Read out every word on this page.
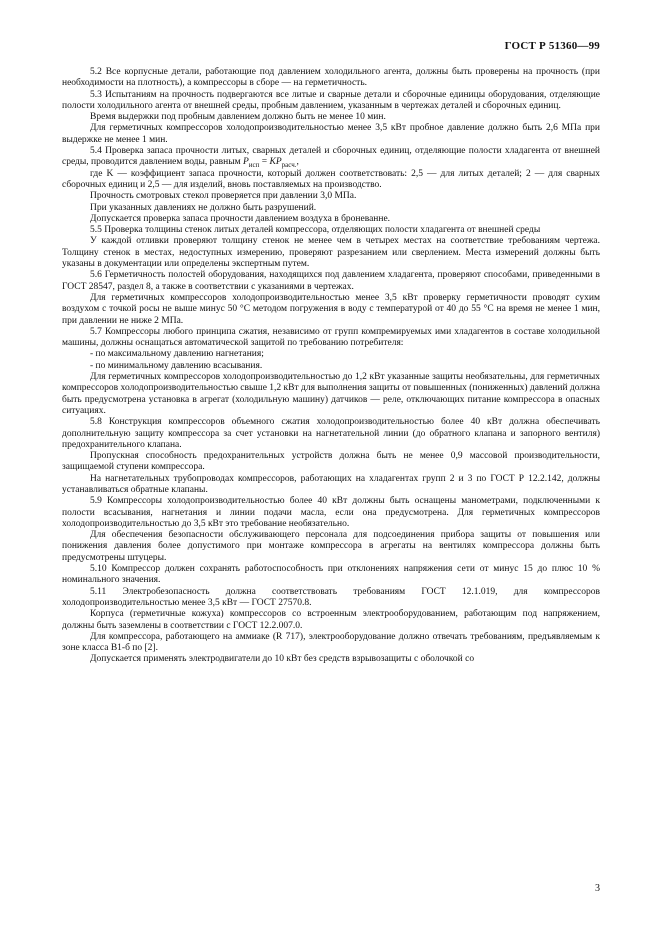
ГОСТ Р 51360—99

5.2 Все корпусные детали, работающие под давлением холодильного агента, должны быть проверены на прочность (при необходимости на плотность), а компрессоры в сборе — на герметичность.

5.3 Испытаниям на прочность подвергаются все литые и сварные детали и сборочные единицы оборудования, отделяющие полости холодильного агента от внешней среды, пробным давлением, указанным в чертежах деталей и сборочных единиц.

Время выдержки под пробным давлением должно быть не менее 10 мин.

Для герметичных компрессоров холодопроизводительностью менее 3,5 кВт пробное давление должно быть 2,6 МПа при выдержке не менее 1 мин.

5.4 Проверка запаса прочности литых, сварных деталей и сборочных единиц, отделяющие полости хладагента от внешней среды, проводится давлением воды, равным $P_{исп} = KP_{расч.}$,

где K — коэффициент запаса прочности, который должен соответствовать: 2,5 — для литых деталей; 2 — для сварных сборочных единиц и 2,5 — для изделий, вновь поставляемых на производство.

Прочность смотровых стекол проверяется при давлении 3,0 МПа.

При указанных давлениях не должно быть разрушений.

Допускается проверка запаса прочности давлением воздуха в броневанне.

5.5 Проверка толщины стенок литых деталей компрессора, отделяющих полости хладагента от внешней среды

У каждой отливки проверяют толщину стенок не менее чем в четырех местах на соответствие требованиям чертежа. Толщину стенок в местах, недоступных измерению, проверяют разрезанием или сверлением. Места измерений должны быть указаны в документации или определены экспертным путем.

5.6 Герметичность полостей оборудования, находящихся под давлением хладагента, проверяют способами, приведенными в ГОСТ 28547, раздел 8, а также в соответствии с указаниями в чертежах.

Для герметичных компрессоров холодопроизводительностью менее 3,5 кВт проверку герметичности проводят сухим воздухом с точкой росы не выше минус 50 °С методом погружения в воду с температурой от 40 до 55 °С на время не менее 1 мин, при давлении не ниже 2 МПа.

5.7 Компрессоры любого принципа сжатия, независимо от групп компремируемых ими хладагентов в составе холодильной машины, должны оснащаться автоматической защитой по требованию потребителя:

- по максимальному давлению нагнетания;

- по минимальному давлению всасывания.

Для герметичных компрессоров холодопроизводительностью до 1,2 кВт указанные защиты необязательны, для герметичных компрессоров холодопроизводительностью свыше 1,2 кВт для выполнения защиты от повышенных (пониженных) давлений должна быть предусмотрена установка в агрегат (холодильную машину) датчиков — реле, отключающих питание компрессора в опасных ситуациях.

5.8 Конструкция компрессоров объемного сжатия холодопроизводительностью более 40 кВт должна обеспечивать дополнительную защиту компрессора за счет установки на нагнетательной линии (до обратного клапана и запорного вентиля) предохранительного клапана.

Пропускная способность предохранительных устройств должна быть не менее 0,9 массовой производительности, защищаемой ступени компрессора.

На нагнетательных трубопроводах компрессоров, работающих на хладагентах групп 2 и 3 по ГОСТ Р 12.2.142, должны устанавливаться обратные клапаны.

5.9 Компрессоры холодопроизводительностью более 40 кВт должны быть оснащены манометрами, подключенными к полости всасывания, нагнетания и линии подачи масла, если она предусмотрена. Для герметичных компрессоров холодопроизводительностью до 3,5 кВт это требование необязательно.

Для обеспечения безопасности обслуживающего персонала для подсоединения прибора защиты от повышения или понижения давления более допустимого при монтаже компрессора в агрегаты на вентилях компрессора должны быть предусмотрены штуцеры.

5.10 Компрессор должен сохранять работоспособность при отклонениях напряжения сети от минус 15 до плюс 10 % номинального значения.

5.11 Электробезопасность должна соответствовать требованиям ГОСТ 12.1.019, для компрессоров холодопроизводительностью менее 3,5 кВт — ГОСТ 27570.8.

Корпуса (герметичные кожуха) компрессоров со встроенным электрооборудованием, работающим под напряжением, должны быть заземлены в соответствии с ГОСТ 12.2.007.0.

Для компрессора, работающего на аммиаке (R 717), электрооборудование должно отвечать требованиям, предъявляемым к зоне класса В1-б по [2].

Допускается применять электродвигатели до 10 кВт без средств взрывозащиты с оболочкой со

3
